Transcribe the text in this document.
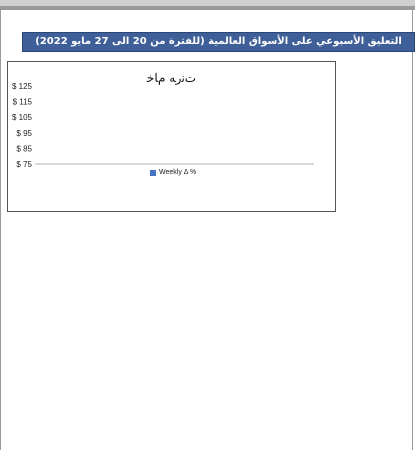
التعليق الأسبوعي على الأسواق العالمية (للفترة من 20 الى 27 مايو 2022)
ﺕﻧﺭﻪ ﻡﺎﺧ
$ 125
$ 115
$ 105
$ 95
$ 85
$ 75
Weekly Δ %
